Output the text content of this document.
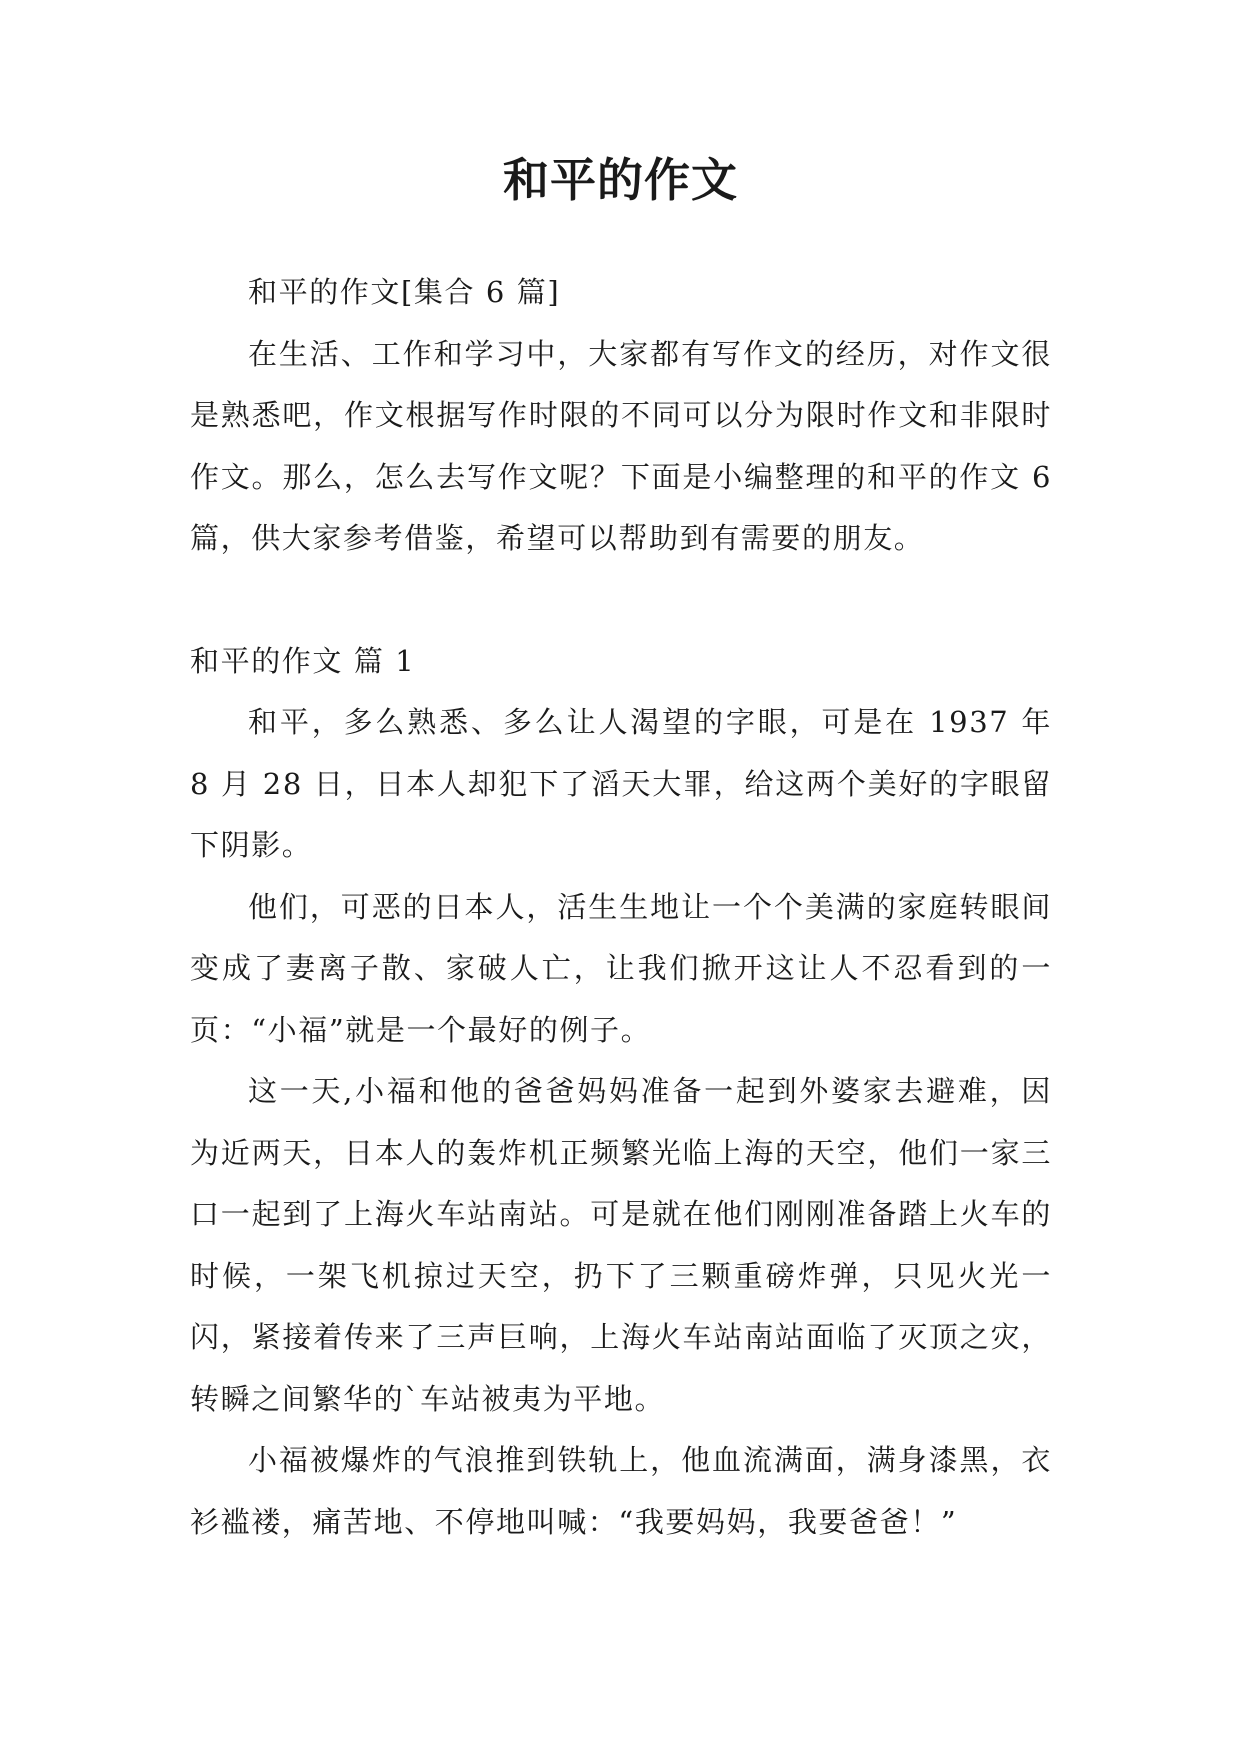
和平的作文

和平的作文[集合 6 篇]

在生活、工作和学习中，大家都有写作文的经历，对作文很是熟悉吧，作文根据写作时限的不同可以分为限时作文和非限时作文。那么，怎么去写作文呢？下面是小编整理的和平的作文 6 篇，供大家参考借鉴，希望可以帮助到有需要的朋友。

和平的作文 篇 1

和平，多么熟悉、多么让人渴望的字眼，可是在 1937 年 8 月 28 日，日本人却犯下了滔天大罪，给这两个美好的字眼留下阴影。

他们，可恶的日本人，活生生地让一个个美满的家庭转眼间变成了妻离子散、家破人亡，让我们掀开这让人不忍看到的一页：“小福”就是一个最好的例子。

这一天,小福和他的爸爸妈妈准备一起到外婆家去避难，因为近两天，日本人的轰炸机正频繁光临上海的天空，他们一家三口一起到了上海火车站南站。可是就在他们刚刚准备踏上火车的时候，一架飞机掠过天空，扔下了三颗重磅炸弹，只见火光一闪，紧接着传来了三声巨响，上海火车站南站面临了灭顶之灾，转瞬之间繁华的`车站被夷为平地。

小福被爆炸的气浪推到铁轨上，他血流满面，满身漆黑，衣衫褴褛，痛苦地、不停地叫喊：“我要妈妈，我要爸爸！”
